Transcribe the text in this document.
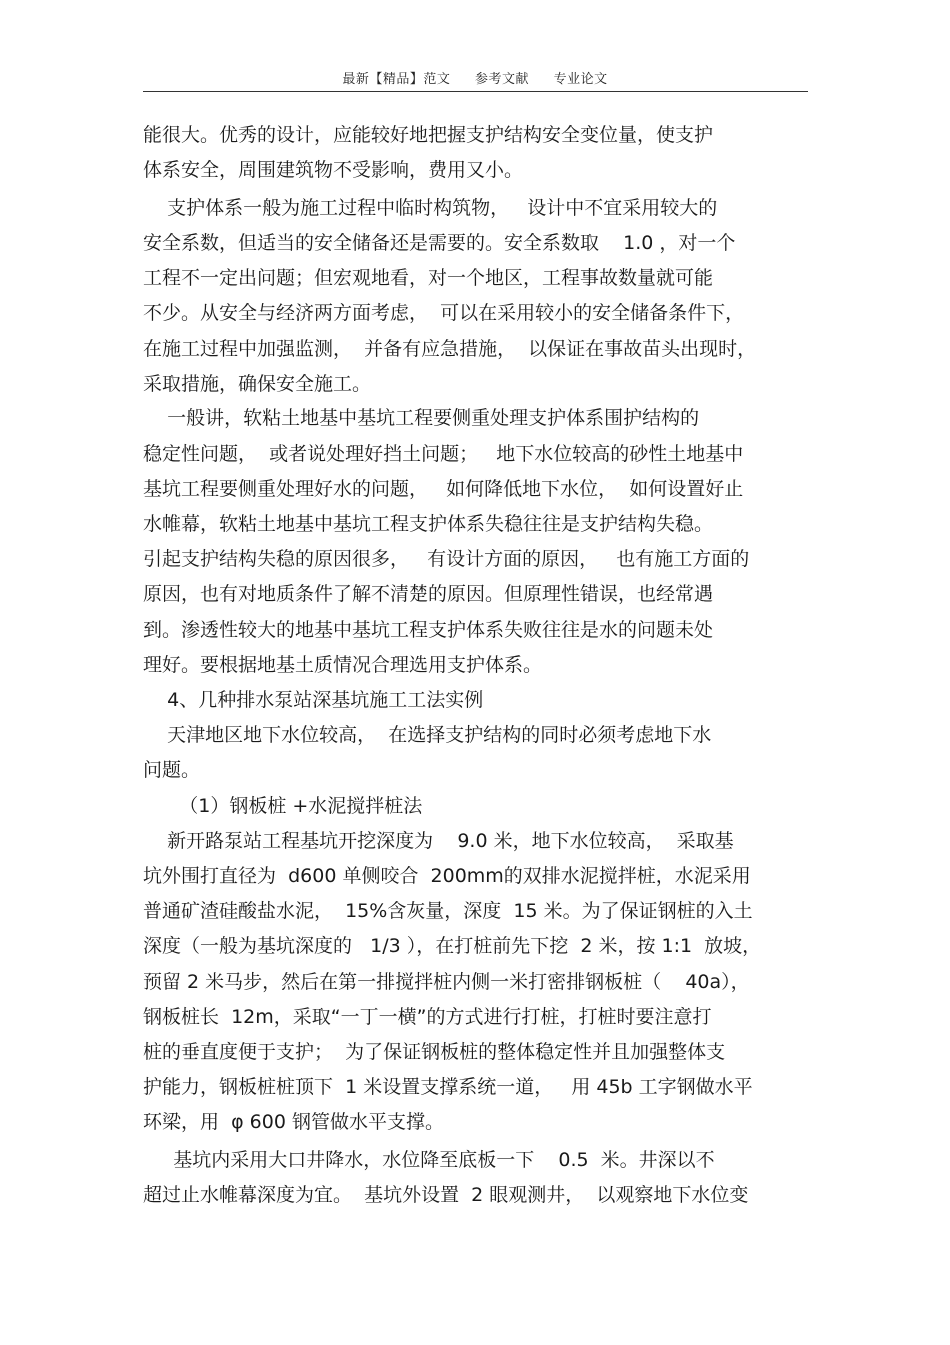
最新【精品】范文 参考文献 专业论文
能很大。优秀的设计，应能较好地把握支护结构安全变位量，使支护
体系安全，周围建筑物不受影响，费用又小。
支护体系一般为施工过程中临时构筑物，   设计中不宜采用较大的
安全系数，但适当的安全储备还是需要的。安全系数取    1.0 ，对一个
工程不一定出问题；但宏观地看，对一个地区，工程事故数量就可能
不少。从安全与经济两方面考虑，  可以在采用较小的安全储备条件下，
在施工过程中加强监测，  并备有应急措施，  以保证在事故苗头出现时，
采取措施，确保安全施工。
一般讲，软粘土地基中基坑工程要侧重处理支护体系围护结构的
稳定性问题，  或者说处理好挡土问题；   地下水位较高的砂性土地基中
基坑工程要侧重处理好水的问题，   如何降低地下水位，  如何设置好止
水帷幕，软粘土地基中基坑工程支护体系失稳往往是支护结构失稳。
引起支护结构失稳的原因很多，   有设计方面的原因，   也有施工方面的
原因，也有对地质条件了解不清楚的原因。但原理性错误，也经常遇
到。渗透性较大的地基中基坑工程支护体系失败往往是水的问题未处
理好。要根据地基土质情况合理选用支护体系。
4、几种排水泵站深基坑施工工法实例
天津地区地下水位较高，  在选择支护结构的同时必须考虑地下水
问题。
（1）钢板桩 +水泥搅拌桩法
新开路泵站工程基坑开挖深度为    9.0 米，地下水位较高，  采取基
坑外围打直径为  d600 单侧咬合  200mm的双排水泥搅拌桩，水泥采用
普通矿渣硅酸盐水泥，  15%含灰量，深度  15 米。为了保证钢桩的入土
深度（一般为基坑深度的   1/3 ），在打桩前先下挖  2 米，按 1:1  放坡，
预留 2 米马步，然后在第一排搅拌桩内侧一米打密排钢板桩（    40a），
钢板桩长  12m，采取“一丁一横”的方式进行打桩，打桩时要注意打
桩的垂直度便于支护；  为了保证钢板桩的整体稳定性并且加强整体支
护能力，钢板桩桩顶下  1 米设置支撑系统一道，   用 45b 工字钢做水平
环梁，用  φ 600 钢管做水平支撑。
基坑内采用大口井降水，水位降至底板一下    0.5  米。井深以不
超过止水帷幕深度为宜。  基坑外设置  2 眼观测井，  以观察地下水位变
